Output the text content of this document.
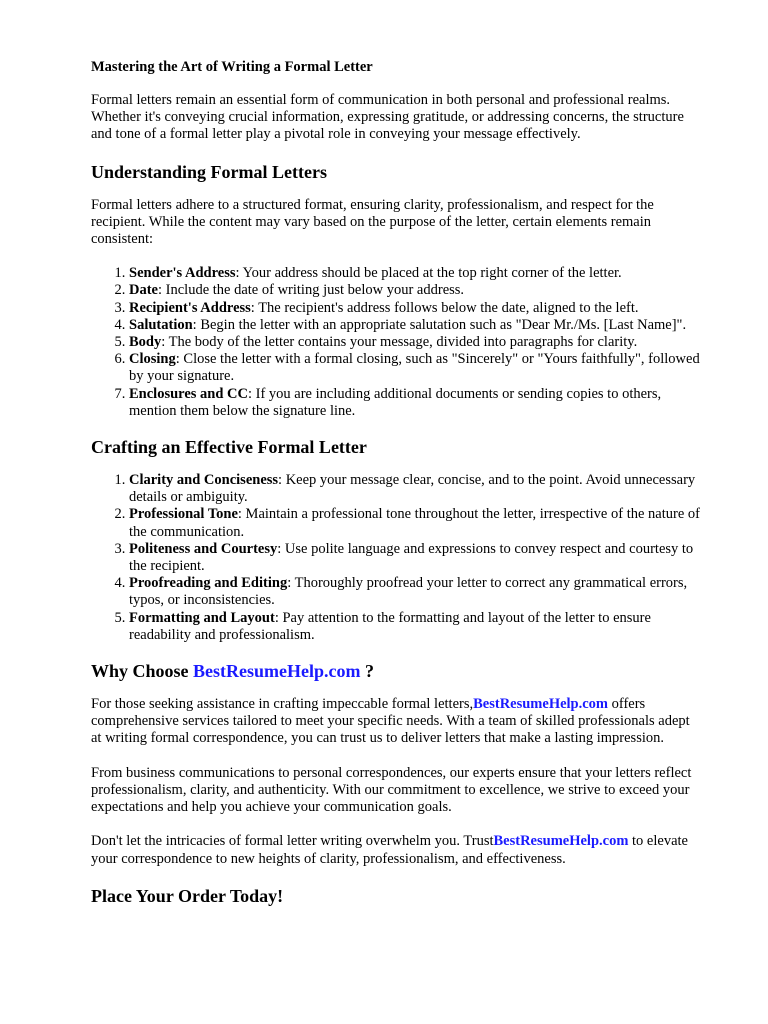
Mastering the Art of Writing a Formal Letter

Formal letters remain an essential form of communication in both personal and professional realms. Whether it's conveying crucial information, expressing gratitude, or addressing concerns, the structure and tone of a formal letter play a pivotal role in conveying your message effectively.

Understanding Formal Letters

Formal letters adhere to a structured format, ensuring clarity, professionalism, and respect for the recipient. While the content may vary based on the purpose of the letter, certain elements remain consistent:

1. Sender's Address: Your address should be placed at the top right corner of the letter.
2. Date: Include the date of writing just below your address.
3. Recipient's Address: The recipient's address follows below the date, aligned to the left.
4. Salutation: Begin the letter with an appropriate salutation such as "Dear Mr./Ms. [Last Name]".
5. Body: The body of the letter contains your message, divided into paragraphs for clarity.
6. Closing: Close the letter with a formal closing, such as "Sincerely" or "Yours faithfully", followed by your signature.
7. Enclosures and CC: If you are including additional documents or sending copies to others, mention them below the signature line.
Crafting an Effective Formal Letter
1. Clarity and Conciseness: Keep your message clear, concise, and to the point. Avoid unnecessary details or ambiguity.
2. Professional Tone: Maintain a professional tone throughout the letter, irrespective of the nature of the communication.
3. Politeness and Courtesy: Use polite language and expressions to convey respect and courtesy to the recipient.
4. Proofreading and Editing: Thoroughly proofread your letter to correct any grammatical errors, typos, or inconsistencies.
5. Formatting and Layout: Pay attention to the formatting and layout of the letter to ensure readability and professionalism.
Why Choose BestResumeHelp.com ?

For those seeking assistance in crafting impeccable formal letters,BestResumeHelp.com offers comprehensive services tailored to meet your specific needs. With a team of skilled professionals adept at writing formal correspondence, you can trust us to deliver letters that make a lasting impression.

From business communications to personal correspondences, our experts ensure that your letters reflect professionalism, clarity, and authenticity. With our commitment to excellence, we strive to exceed your expectations and help you achieve your communication goals.

Don't let the intricacies of formal letter writing overwhelm you. TrustBestResumeHelp.com to elevate your correspondence to new heights of clarity, professionalism, and effectiveness.

Place Your Order Today!
